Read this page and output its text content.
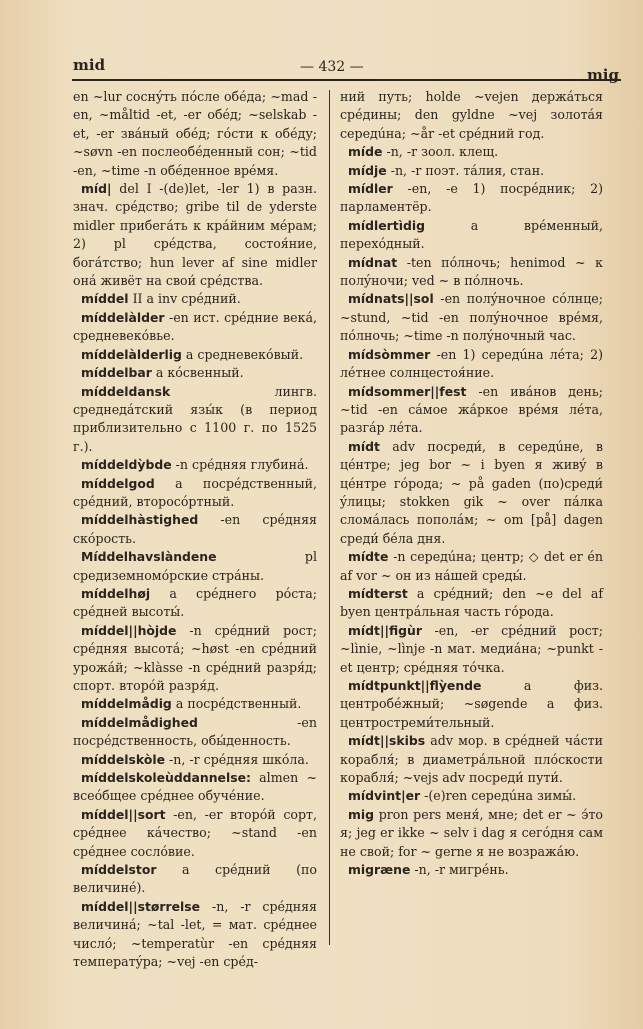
mid	— 432 —	mig

en ~lur соснýть пóсле обéда; ~mad -en, ~måltid -et, -er обéд; ~selskab -et, -er звáный обéд; гóсти к обéду; ~søvn -en послеобéденный сон; ~tid -en, ~time -n обéденное врéмя.

míd| del I -(de)let, -ler 1) в разн. знач. срéдство; gribe til de yderste midler прибегáть к крáйним мéрам; 2) pl срéдства, состоя́ние, богáтство; hun lever af sine midler онá живёт на свои́ срéдства.

míddel II a inv срéдний.

míddelàlder -en ист. срéдние векá, средневекóвье.

míddelàlderlig a средневекóвый.

míddelbar a кóсвенный.

míddeldansk лингв. среднедáтский язы́к (в период приблизительно с 1100 г. по 1525 г.).

míddeldỳbde -n срéдняя глубинá.

míddelgod a посрéдственный, срéдний, второсóртный.

míddelhàstighed -en срéдняя скóрость.

Míddelhavslàndene pl средиземномóрские стрáны.

míddelhøj a срéднего рóста; срéдней высоты́.

míddel||hòjde -n срéдний рост; срéдняя высотá; ~høst -en срéдний урожáй; ~klàsse -n срéдний разря́д; спорт. вторóй разря́д.

míddelmådig a посрéдственный.

míddelmådighed -en посрéдственность, обы́денность.

míddelskòle -n, -r срéдняя шкóла.

míddelskoleùddannelse: almen ~ всеóбщее срéднее обучéние.

míddel||sort -en, -er вторóй сорт, срéднее кáчество; ~stand -en срéднее сослóвие.

míddelstor a срéдний (по величинé).

míddel||størrelse -n, -r срéдняя величинá; ~tal -let, = мат. срéднее числó; ~temperatùr -en срéдняя температýра; ~vej -en срéд-

ний путь; holde ~vejen держáться срéдины; den gyldne ~vej золотáя середúна; ~år -et срéдний год.

míde -n, -r зоол. клещ.

mídje -n, -r поэт. тáлия, стан.

mídler -en, -e 1) посрéдник; 2) парламентёр.

mídlertìdig a врéменный, перехóдный.

mídnat -ten пóлночь; henimod ~ к полýночи; ved ~ в пóлночь.

mídnats||sol -en полýночное сóлнце; ~stund, ~tid -en полýночное врéмя, пóлночь; ~time -n полýночный час.

mídsòmmer -en 1) середúна лéта; 2) лéтнее солнцестоя́ние.

mídsommer||fest -en ивáнов день; ~tid -en сáмое жáркое врéмя лéта, разгáр лéта.

mídt adv посреди́, в середúне, в цéнтре; jeg bor ~ i byen я живý в цéнтре гóрода; ~ på gaden (по)среди́ ýлицы; stokken gik ~ over пáлка сломáлась пополáм; ~ om [på] dagen среди́ бéла дня.

mídte -n середúна; центр; ◇ det er én af vor ~ он из нáшей среды́.

mídterst a срéдний; den ~e del af byen центрáльная часть гóрода.

mídt||figùr -en, -er срéдний рост; ~lìnie, ~lìnje -n мат. медиáна; ~punkt -et центр; срéдняя тóчка.

mídtpunkt||flỳende a физ. центробéжный; ~søgende a физ. центростреми́тельный.

mídt||skibs adv мор. в срéдней чáсти корабля́; в диаметрáльной плóскости корабля́; ~vejs adv посреди́ пути́.

mídvint|er -(e)ren середúна зимы́.

mig pron pers меня́, мне; det er ~ э́то я; jeg er ikke ~ selv i dag я сегóдня сам не свой; for ~ gerne я не возражáю.

migræne -n, -r мигрéнь.
